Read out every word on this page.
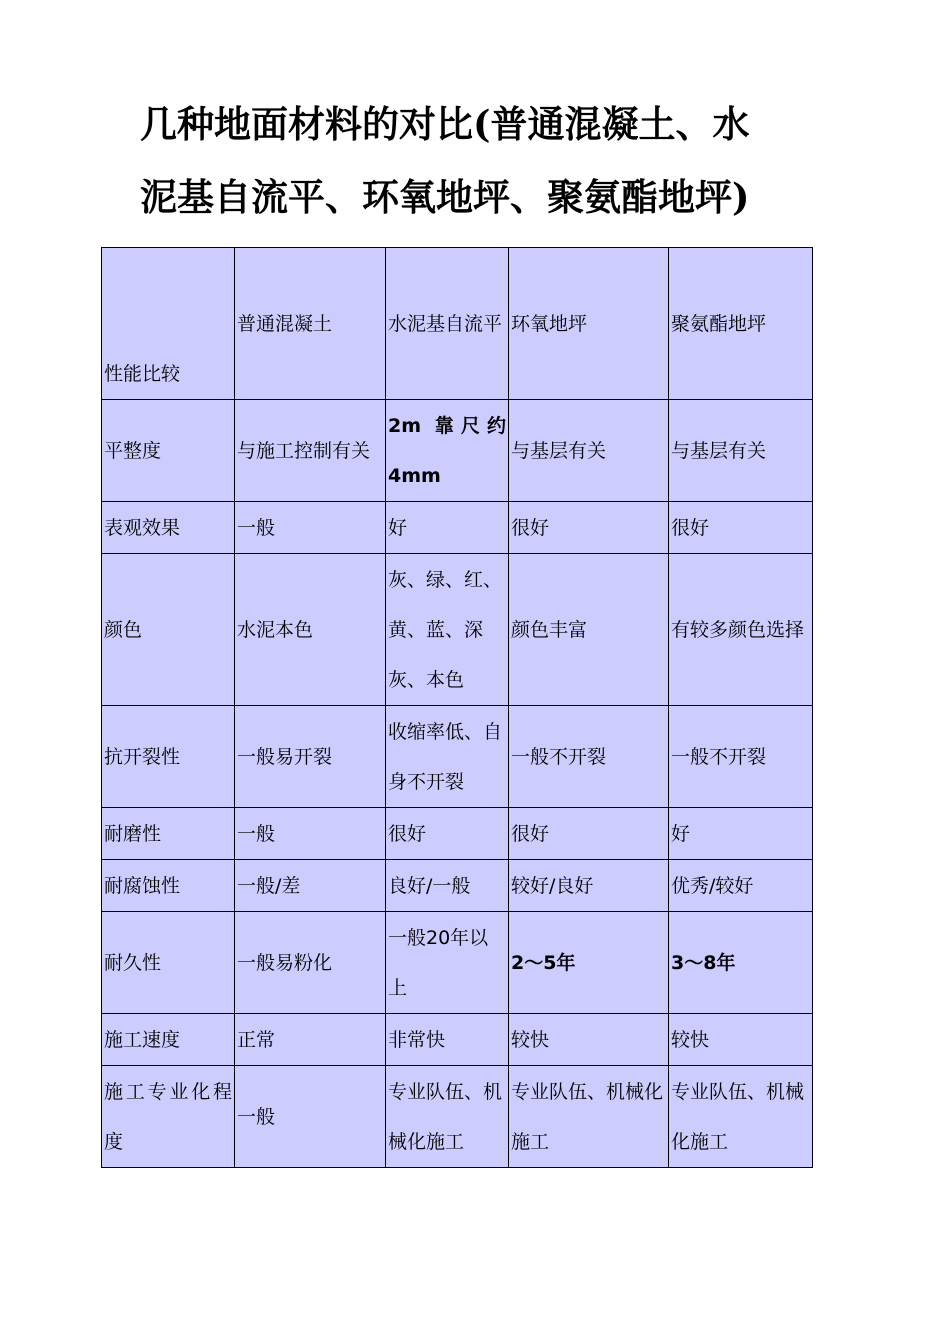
几种地面材料的对比(普通混凝土、水
泥基自流平、环氧地坪、聚氨酯地坪)
性能比较	普通混凝土	水泥基自流平	环氧地坪	聚氨酯地坪
平整度	与施工控制有关	2m 靠尺约4mm	与基层有关	与基层有关
表观效果	一般	好	很好	很好
颜色	水泥本色	灰、绿、红、黄、蓝、深灰、本色	颜色丰富	有较多颜色选择
抗开裂性	一般易开裂	收缩率低、自身不开裂	一般不开裂	一般不开裂
耐磨性	一般	很好	很好	好
耐腐蚀性	一般/差	良好/一般	较好/良好	优秀/较好
耐久性	一般易粉化	一般20年以上	2～5年	3～8年
施工速度	正常	非常快	较快	较快
施工专业化程度	一般	专业队伍、机械化施工	专业队伍、机械化施工	专业队伍、机械化施工
